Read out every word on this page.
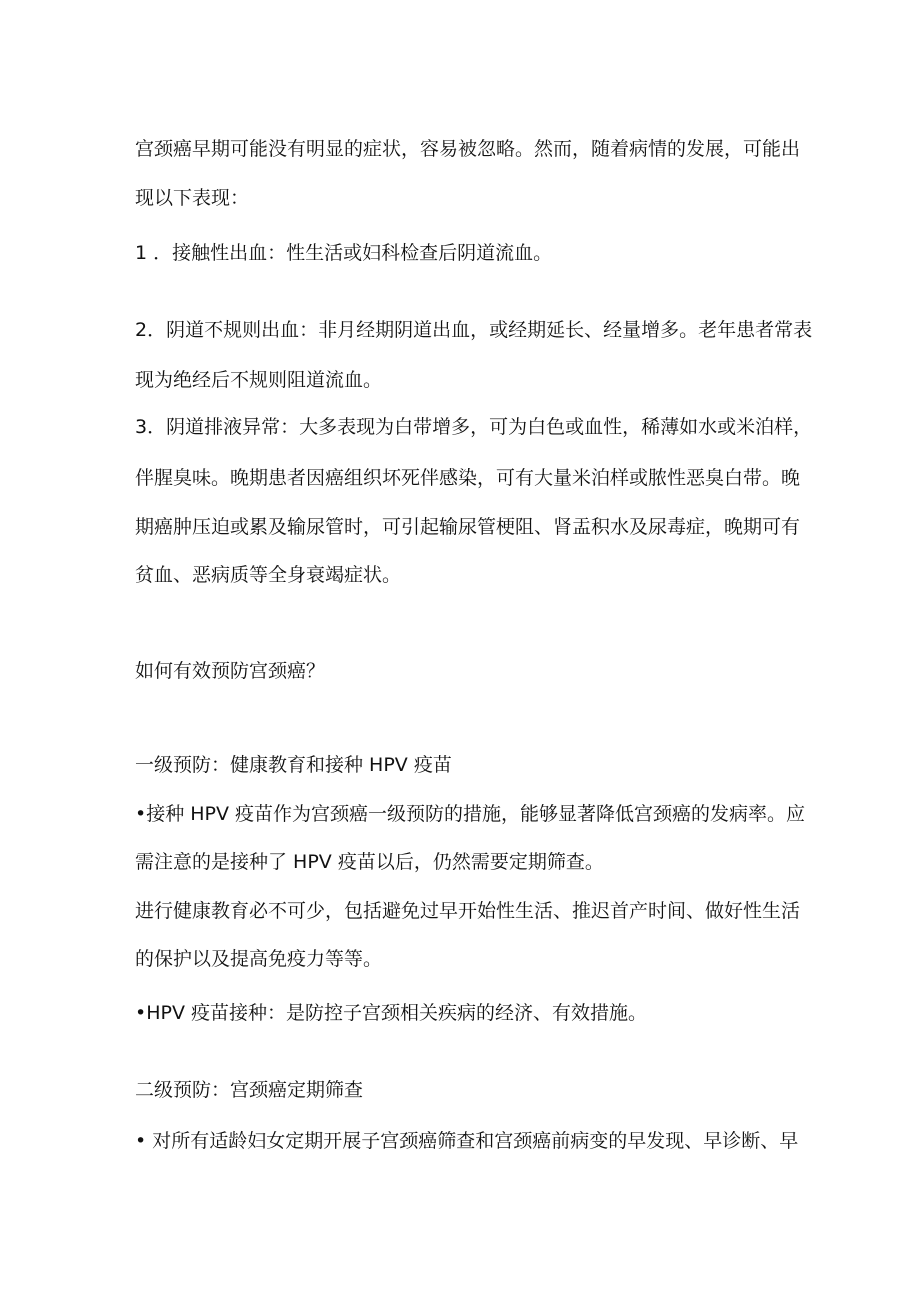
宫颈癌早期可能没有明显的症状，容易被忽略。然而，随着病情的发展，可能出
现以下表现：
1 ．接触性出血：性生活或妇科检查后阴道流血。
2．阴道不规则出血：非月经期阴道出血，或经期延长、经量增多。老年患者常表
现为绝经后不规则阻道流血。
3．阴道排液异常：大多表现为白带增多，可为白色或血性，稀薄如水或米泊样，
伴腥臭味。晚期患者因癌组织坏死伴感染，可有大量米泊样或脓性恶臭白带。晚
期癌肿压迫或累及输尿管时，可引起输尿管梗阻、肾盂积水及尿毒症，晚期可有
贫血、恶病质等全身衰竭症状。
如何有效预防宫颈癌？
一级预防：健康教育和接种 HPV 疫苗
•接种 HPV 疫苗作为宫颈癌一级预防的措施，能够显著降低宫颈癌的发病率。应
需注意的是接种了 HPV 疫苗以后，仍然需要定期筛查。
进行健康教育必不可少，包括避免过早开始性生活、推迟首产时间、做好性生活
的保护以及提高免疫力等等。
•HPV 疫苗接种：是防控子宫颈相关疾病的经济、有效措施。
二级预防：宫颈癌定期筛查
• 对所有适龄妇女定期开展子宫颈癌筛查和宫颈癌前病变的早发现、早诊断、早
